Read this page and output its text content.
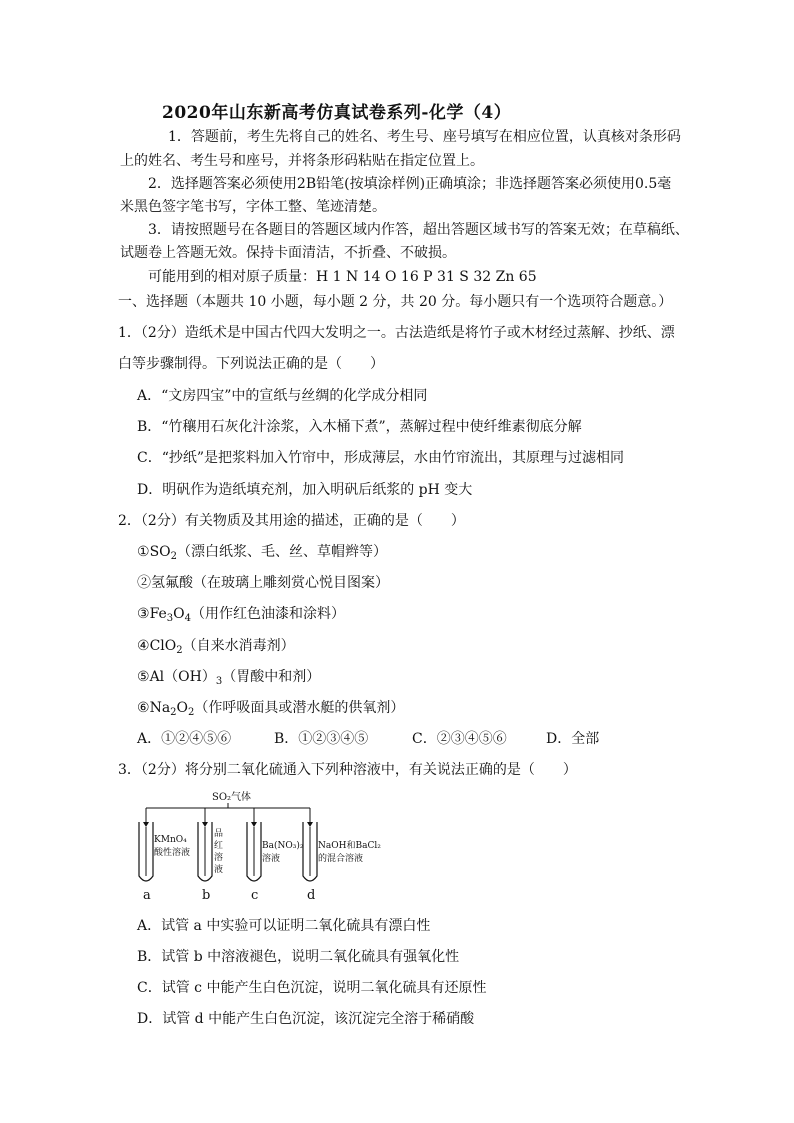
2020年山东新高考仿真试卷系列-化学（4）
1．答题前，考生先将自己的姓名、考生号、座号填写在相应位置，认真核对条形码
上的姓名、考生号和座号，并将条形码粘贴在指定位置上。
2．选择题答案必须使用2B铅笔(按填涂样例)正确填涂；非选择题答案必须使用0.5毫
米黑色签字笔书写，字体工整、笔迹清楚。
3．请按照题号在各题目的答题区域内作答，超出答题区域书写的答案无效；在草稿纸、
试题卷上答题无效。保持卡面清洁，不折叠、不破损。
可能用到的相对原子质量：H 1 N 14 O 16 P 31 S 32 Zn 65
一、选择题（本题共 10 小题，每小题 2 分，共 20 分。每小题只有一个选项符合题意。）
1．（2分）造纸术是中国古代四大发明之一。古法造纸是将竹子或木材经过蒸解、抄纸、漂
白等步骤制得。下列说法正确的是（　　）
A．“文房四宝”中的宣纸与丝绸的化学成分相同
B．“竹穰用石灰化汁涂浆，入木桶下煮”，蒸解过程中使纤维素彻底分解
C．“抄纸”是把浆料加入竹帘中，形成薄层，水由竹帘流出，其原理与过滤相同
D．明矾作为造纸填充剂，加入明矾后纸浆的 pH 变大
2．（2分）有关物质及其用途的描述，正确的是（　　）
$①SO_2$（漂白纸浆、毛、丝、草帽辫等）
②氢氟酸（在玻璃上雕刻赏心悦目图案）
$③Fe_3O_4$（用作红色油漆和涂料）
④ClO$_2$（自来水消毒剂）
$⑤Al(OH)_3$（胃酸中和剂）
$⑥Na_2O_2$（作呼吸面具或潜水艇的供氧剂）
A．①②④⑤⑥	B．①②③④⑤	C．②③④⑤⑥	D．全部
3．（2分）将分别二氧化硫通入下列种溶液中，有关说法正确的是（　　）
SO₂气体
KMnO₄
酸性溶液
a
品
红
溶
液
b
Ba(NO₃)₂
溶液
c
NaOH和BaCl₂
的混合溶液
d
A．试管 a 中实验可以证明二氧化硫具有漂白性
B．试管 b 中溶液褪色，说明二氧化硫具有强氧化性
C．试管 c 中能产生白色沉淀，说明二氧化硫具有还原性
D．试管 d 中能产生白色沉淀，该沉淀完全溶于稀硝酸
